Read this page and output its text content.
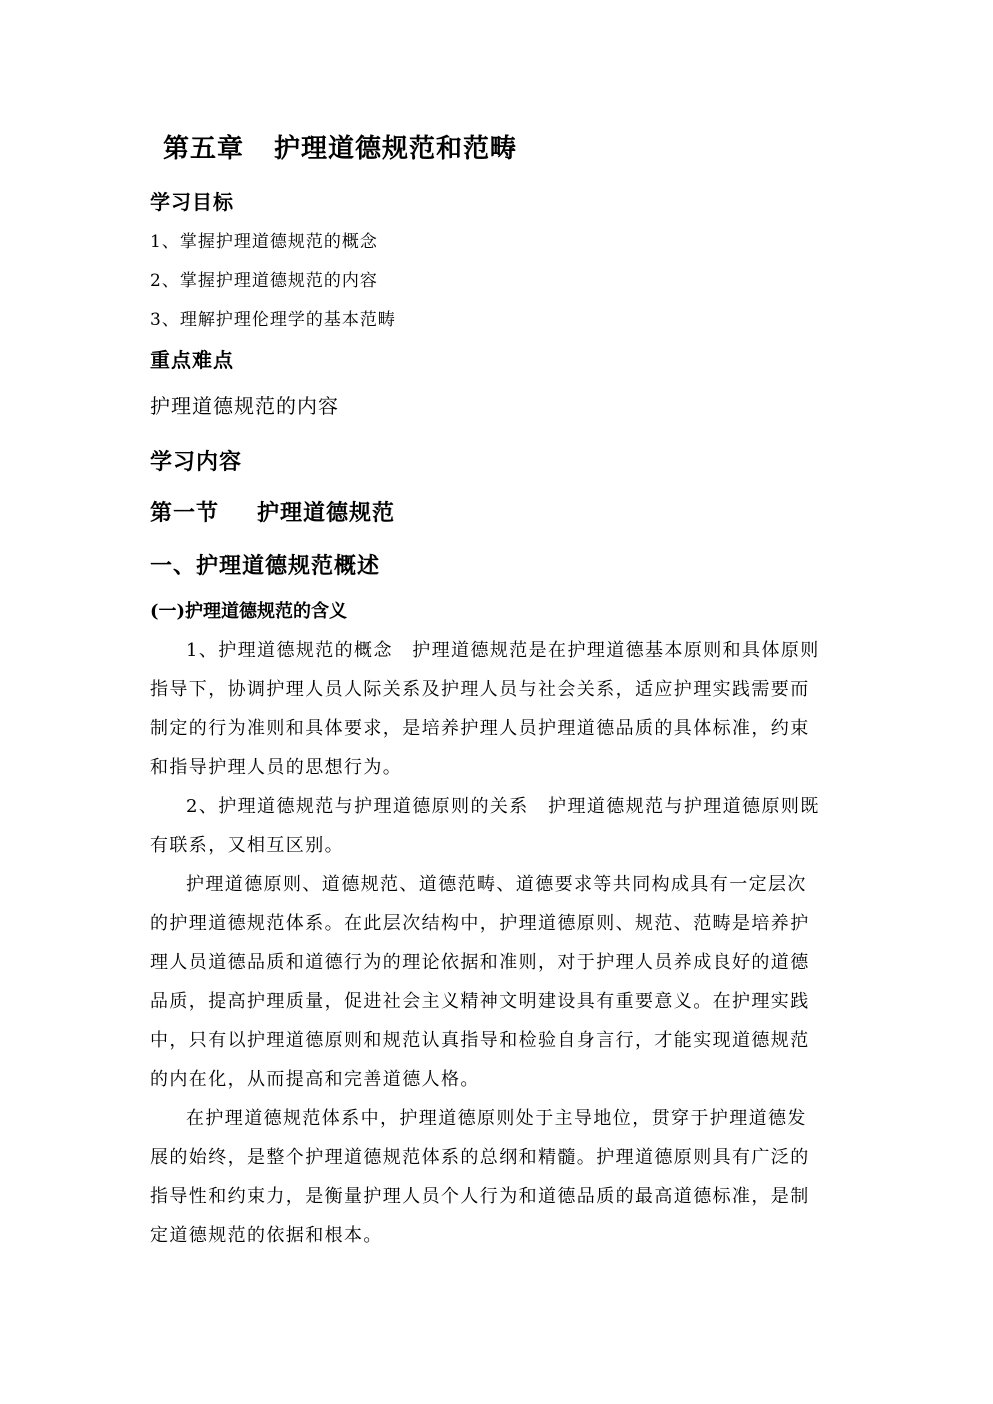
第五章 护理道德规范和范畴
学习目标
1、掌握护理道德规范的概念
2、掌握护理道德规范的内容
3、理解护理伦理学的基本范畴
重点难点
护理道德规范的内容
学习内容
第一节 护理道德规范
一、护理道德规范概述
(一)护理道德规范的含义
1、护理道德规范的概念　护理道德规范是在护理道德基本原则和具体原则
指导下，协调护理人员人际关系及护理人员与社会关系，适应护理实践需要而
制定的行为准则和具体要求，是培养护理人员护理道德品质的具体标准，约束
和指导护理人员的思想行为。
2、护理道德规范与护理道德原则的关系　护理道德规范与护理道德原则既
有联系，又相互区别。
护理道德原则、道德规范、道德范畴、道德要求等共同构成具有一定层次
的护理道德规范体系。在此层次结构中，护理道德原则、规范、范畴是培养护
理人员道德品质和道德行为的理论依据和准则，对于护理人员养成良好的道德
品质，提高护理质量，促进社会主义精神文明建设具有重要意义。在护理实践
中，只有以护理道德原则和规范认真指导和检验自身言行，才能实现道德规范
的内在化，从而提高和完善道德人格。
在护理道德规范体系中，护理道德原则处于主导地位，贯穿于护理道德发
展的始终，是整个护理道德规范体系的总纲和精髓。护理道德原则具有广泛的
指导性和约束力，是衡量护理人员个人行为和道德品质的最高道德标准，是制
定道德规范的依据和根本。
